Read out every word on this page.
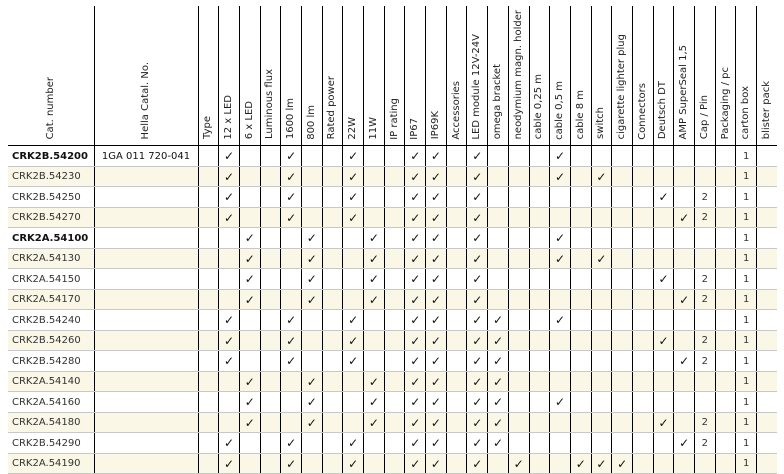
Cat. number	Hella Catal. No.	Type	12 x LED	6 x LED	Luminous flux	1600 lm	800 lm	Rated power	22W	11W	IP rating	IP67	IP69K	Accessories	LED module 12V-24V	omega bracket	neodymium magn. holder	cable 0,25 m	cable 0,5 m	cable 8 m	switch	cigarette lighter plug	Connectors	Deutsch DT	AMP SuperSeal 1,5	Cap / Pin	Packaging / pc	carton box	blister pack
CRK2B.54200	1GA 011 720-041		✓			✓			✓			✓	✓		✓				✓									1	
CRK2B.54230			✓			✓			✓			✓	✓		✓				✓		✓							1	
CRK2B.54250			✓			✓			✓			✓	✓		✓									✓		2		1	
CRK2B.54270			✓			✓			✓			✓	✓		✓										✓	2		1	
CRK2A.54100				✓			✓			✓		✓	✓		✓				✓									1	
CRK2A.54130				✓			✓			✓		✓	✓		✓				✓		✓							1	
CRK2A.54150				✓			✓			✓		✓	✓		✓									✓		2		1	
CRK2A.54170				✓			✓			✓		✓	✓		✓										✓	2		1	
CRK2B.54240			✓			✓			✓			✓	✓		✓	✓			✓									1	
CRK2B.54260			✓			✓			✓			✓	✓		✓	✓								✓		2		1	
CRK2B.54280			✓			✓			✓			✓	✓		✓	✓									✓	2		1	
CRK2A.54140				✓			✓			✓		✓	✓		✓	✓												1	
CRK2A.54160				✓			✓			✓		✓	✓		✓	✓			✓									1	
CRK2A.54180				✓			✓			✓		✓	✓		✓	✓								✓		2		1	
CRK2B.54290			✓			✓			✓			✓	✓		✓	✓									✓	2		1	
CRK2A.54190			✓			✓			✓			✓	✓		✓		✓			✓	✓	✓						1	
